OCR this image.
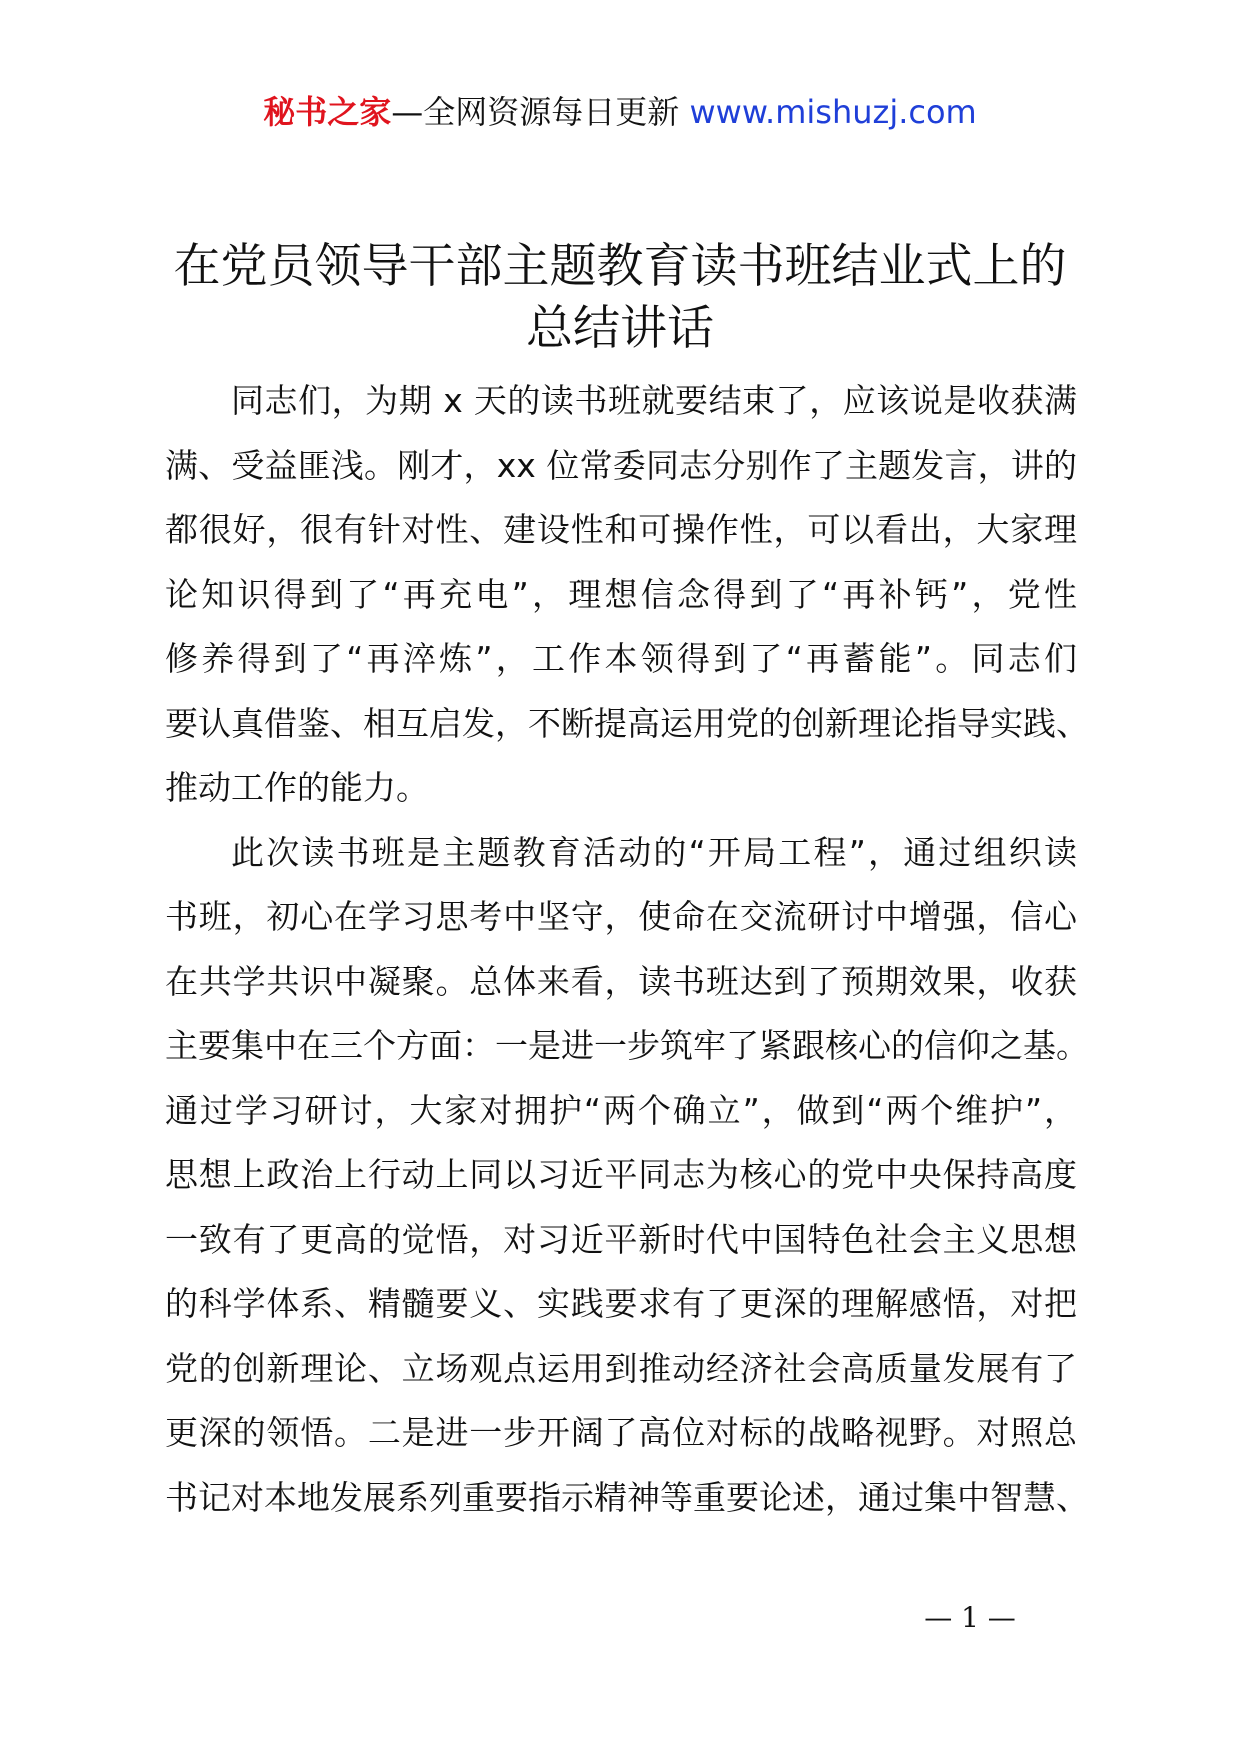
秘书之家—全网资源每日更新 www.mishuzj.com
在党员领导干部主题教育读书班结业式上的
总结讲话
同志们，为期 x 天的读书班就要结束了，应该说是收获满
满、受益匪浅。刚才，xx 位常委同志分别作了主题发言，讲的
都很好，很有针对性、建设性和可操作性，可以看出，大家理
论知识得到了“再充电”，理想信念得到了“再补钙”，党性
修养得到了“再淬炼”，工作本领得到了“再蓄能”。同志们
要认真借鉴、相互启发，不断提高运用党的创新理论指导实践、
推动工作的能力。
此次读书班是主题教育活动的“开局工程”，通过组织读
书班，初心在学习思考中坚守，使命在交流研讨中增强，信心
在共学共识中凝聚。总体来看，读书班达到了预期效果，收获
主要集中在三个方面：一是进一步筑牢了紧跟核心的信仰之基。
通过学习研讨，大家对拥护“两个确立”，做到“两个维护”，
思想上政治上行动上同以习近平同志为核心的党中央保持高度
一致有了更高的觉悟，对习近平新时代中国特色社会主义思想
的科学体系、精髓要义、实践要求有了更深的理解感悟，对把
党的创新理论、立场观点运用到推动经济社会高质量发展有了
更深的领悟。二是进一步开阔了高位对标的战略视野。对照总
书记对本地发展系列重要指示精神等重要论述，通过集中智慧、
— 1 —
